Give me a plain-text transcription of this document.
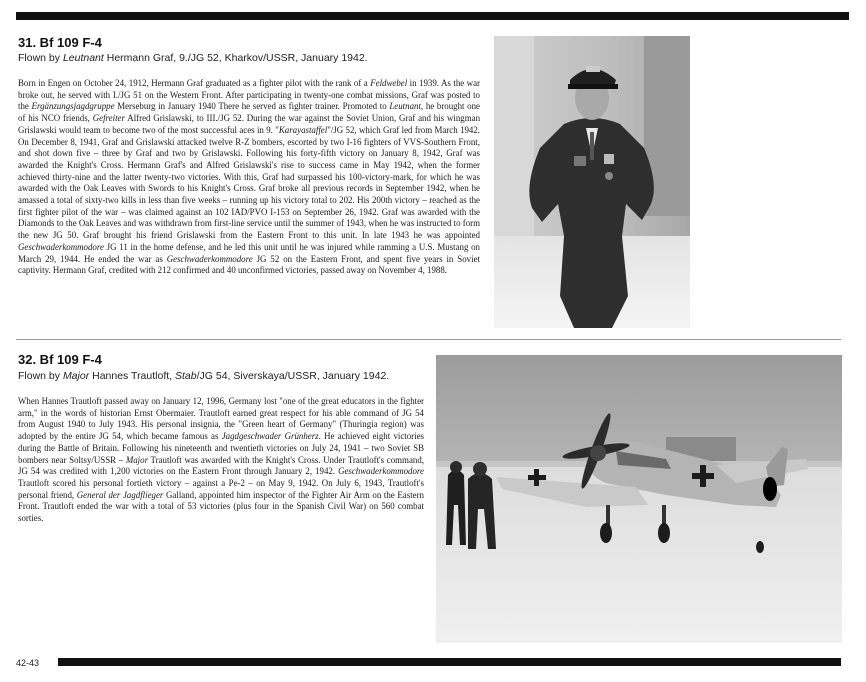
31. Bf 109 F-4
Flown by Leutnant Hermann Graf, 9./JG 52, Kharkov/USSR, January 1942.
Born in Engen on October 24, 1912, Hermann Graf graduated as a fighter pilot with the rank of a Feldwebel in 1939. As the war broke out, he served with I./JG 51 on the Western Front. After participating in twenty-one combat missions, Graf was posted to the Ergänzungsjagdgruppe Merseburg in January 1940 There he served as fighter trainer. Promoted to Leutnant, he brought one of his NCO friends, Gefreiter Alfred Grislawski, to III./JG 52. During the war against the Soviet Union, Graf and his wingman Grislawski would team to become two of the most successful aces in 9. "Karayastaffel"/JG 52, which Graf led from March 1942. On December 8, 1941, Graf and Grislawski attacked twelve R-Z bombers, escorted by two I-16 fighters of VVS-Southern Front, and shot down five – three by Graf and two by Grislawski. Following his forty-fifth victory on January 8, 1942, Graf was awarded the Knight's Cross. Hermann Graf's and Alfred Grislawski's rise to success came in May 1942, when the former achieved thirty-nine and the latter twenty-two victories. With this, Graf had surpassed his 100-victory-mark, for which he was awarded with the Oak Leaves with Swords to his Knight's Cross. Graf broke all previous records in September 1942, when he amassed a total of sixty-two kills in less than five weeks – running up his victory total to 202. His 200th victory – reached as the first fighter pilot of the war – was claimed against an 102 IAD/PVO I-153 on September 26, 1942. Graf was awarded with the Diamonds to the Oak Leaves and was withdrawn from first-line service until the summer of 1943, when he was instructed to form the new JG 50. Graf brought his friend Grislawski from the Eastern Front to this unit. In late 1943 he was appointed Geschwaderkommodore JG 11 in the home defense, and he led this unit until he was injured while ramming a U.S. Mustang on March 29, 1944. He ended the war as Geschwaderkommodore JG 52 on the Eastern Front, and spent five years in Soviet captivity. Hermann Graf, credited with 212 confirmed and 40 unconfirmed victories, passed away on November 4, 1988.
32. Bf 109 F-4
Flown by Major Hannes Trautloft, Stab/JG 54, Siverskaya/USSR, January 1942.
When Hannes Trautloft passed away on January 12, 1996, Germany lost "one of the great educators in the fighter arm," in the words of historian Ernst Obermaier. Trautloft earned great respect for his able command of JG 54 from August 1940 to July 1943. His personal insignia, the "Green heart of Germany" (Thuringia region) was adopted by the entire JG 54, which became famous as Jagdgeschwader Grünherz. He achieved eight victories during the Battle of Britain. Following his nineteenth and twentieth victories on July 24, 1941 – two Soviet SB bombers near Soltsy/USSR – Major Trautloft was awarded with the Knight's Cross. Under Trautloft's command, JG 54 was credited with 1,200 victories on the Eastern Front through January 2, 1942. Geschwaderkommodore Trautloft scored his personal fortieth victory – against a Pe-2 – on May 9, 1942. On July 6, 1943, Trautloft's personal friend, General der Jagdflieger Galland, appointed him inspector of the Fighter Air Arm on the Eastern Front. Trautloft ended the war with a total of 53 victories (plus four in the Spanish Civil War) on 560 combat sorties.
42-43
